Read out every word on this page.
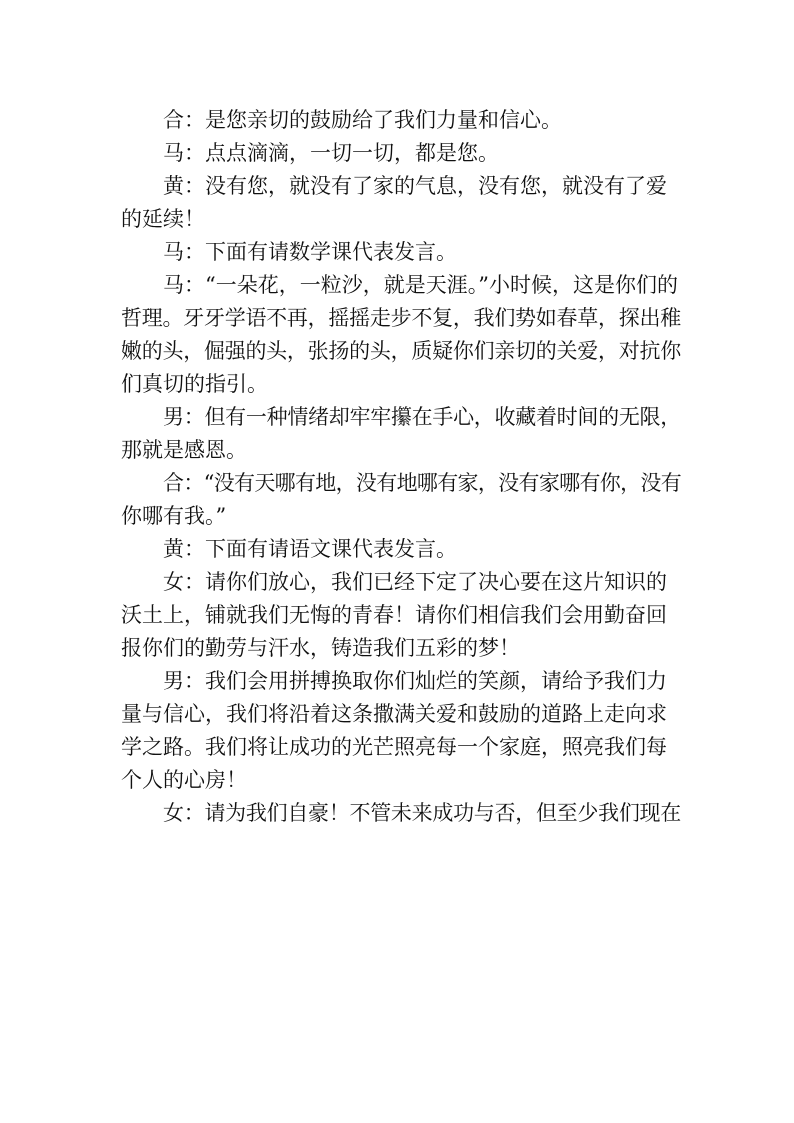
合：是您亲切的鼓励给了我们力量和信心。
马：点点滴滴，一切一切，都是您。
黄：没有您，就没有了家的气息，没有您，就没有了爱
的延续！
马：下面有请数学课代表发言。
马：“一朵花，一粒沙，就是天涯。”小时候，这是你们的
哲理。牙牙学语不再，摇摇走步不复，我们势如春草，探出稚
嫩的头，倔强的头，张扬的头，质疑你们亲切的关爱，对抗你
们真切的指引。
男：但有一种情绪却牢牢攥在手心，收藏着时间的无限，
那就是感恩。
合：“没有天哪有地，没有地哪有家，没有家哪有你，没有
你哪有我。”
黄：下面有请语文课代表发言。
女：请你们放心，我们已经下定了决心要在这片知识的
沃土上，铺就我们无悔的青春！请你们相信我们会用勤奋回
报你们的勤劳与汗水，铸造我们五彩的梦！
男：我们会用拼搏换取你们灿烂的笑颜，请给予我们力
量与信心，我们将沿着这条撒满关爱和鼓励的道路上走向求
学之路。我们将让成功的光芒照亮每一个家庭，照亮我们每
个人的心房！
女：请为我们自豪！不管未来成功与否，但至少我们现在
